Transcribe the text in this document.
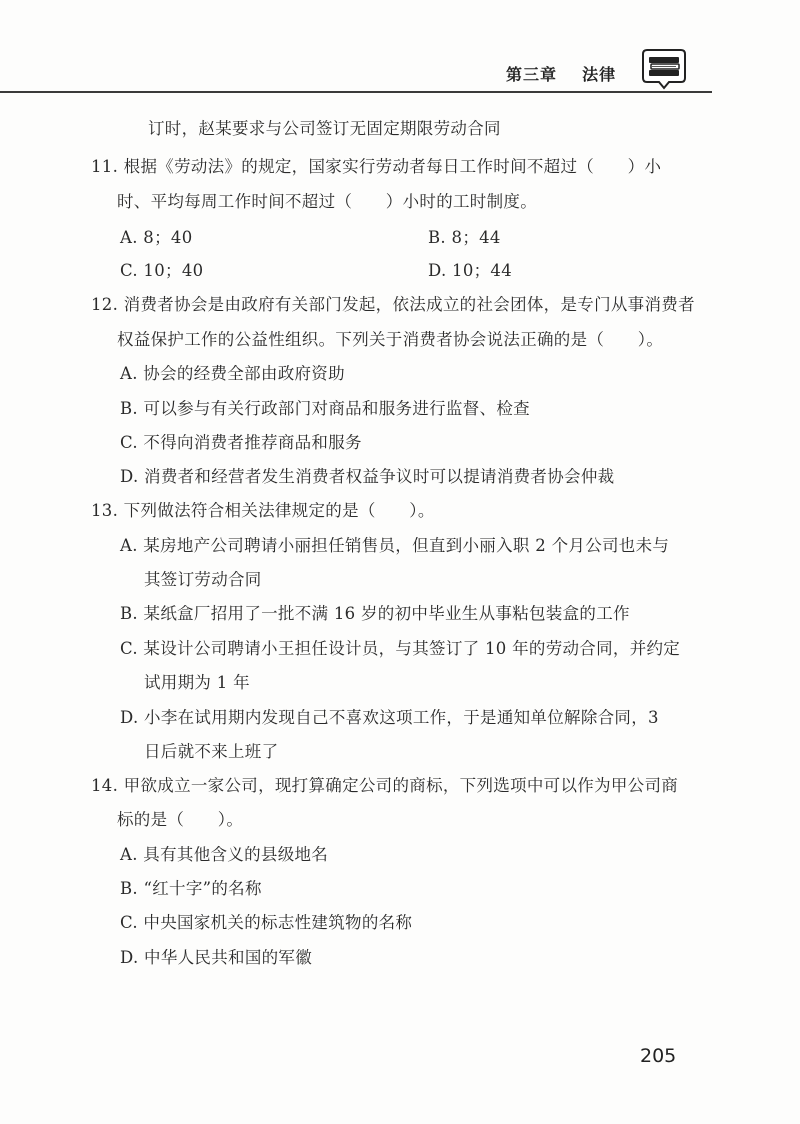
第三章 法律
订时，赵某要求与公司签订无固定期限劳动合同
11. 根据《劳动法》的规定，国家实行劳动者每日工作时间不超过（　　）小
时、平均每周工作时间不超过（　　）小时的工时制度。
A. 8；40	B. 8；44
C. 10；40	D. 10；44
12. 消费者协会是由政府有关部门发起，依法成立的社会团体，是专门从事消费者
权益保护工作的公益性组织。下列关于消费者协会说法正确的是（　　）。
A. 协会的经费全部由政府资助
B. 可以参与有关行政部门对商品和服务进行监督、检查
C. 不得向消费者推荐商品和服务
D. 消费者和经营者发生消费者权益争议时可以提请消费者协会仲裁
13. 下列做法符合相关法律规定的是（　　）。
A. 某房地产公司聘请小丽担任销售员，但直到小丽入职 2 个月公司也未与
其签订劳动合同
B. 某纸盒厂招用了一批不满 16 岁的初中毕业生从事粘包装盒的工作
C. 某设计公司聘请小王担任设计员，与其签订了 10 年的劳动合同，并约定
试用期为 1 年
D. 小李在试用期内发现自己不喜欢这项工作，于是通知单位解除合同，3
日后就不来上班了
14. 甲欲成立一家公司，现打算确定公司的商标，下列选项中可以作为甲公司商
标的是（　　）。
A. 具有其他含义的县级地名
B. “红十字”的名称
C. 中央国家机关的标志性建筑物的名称
D. 中华人民共和国的军徽
205
